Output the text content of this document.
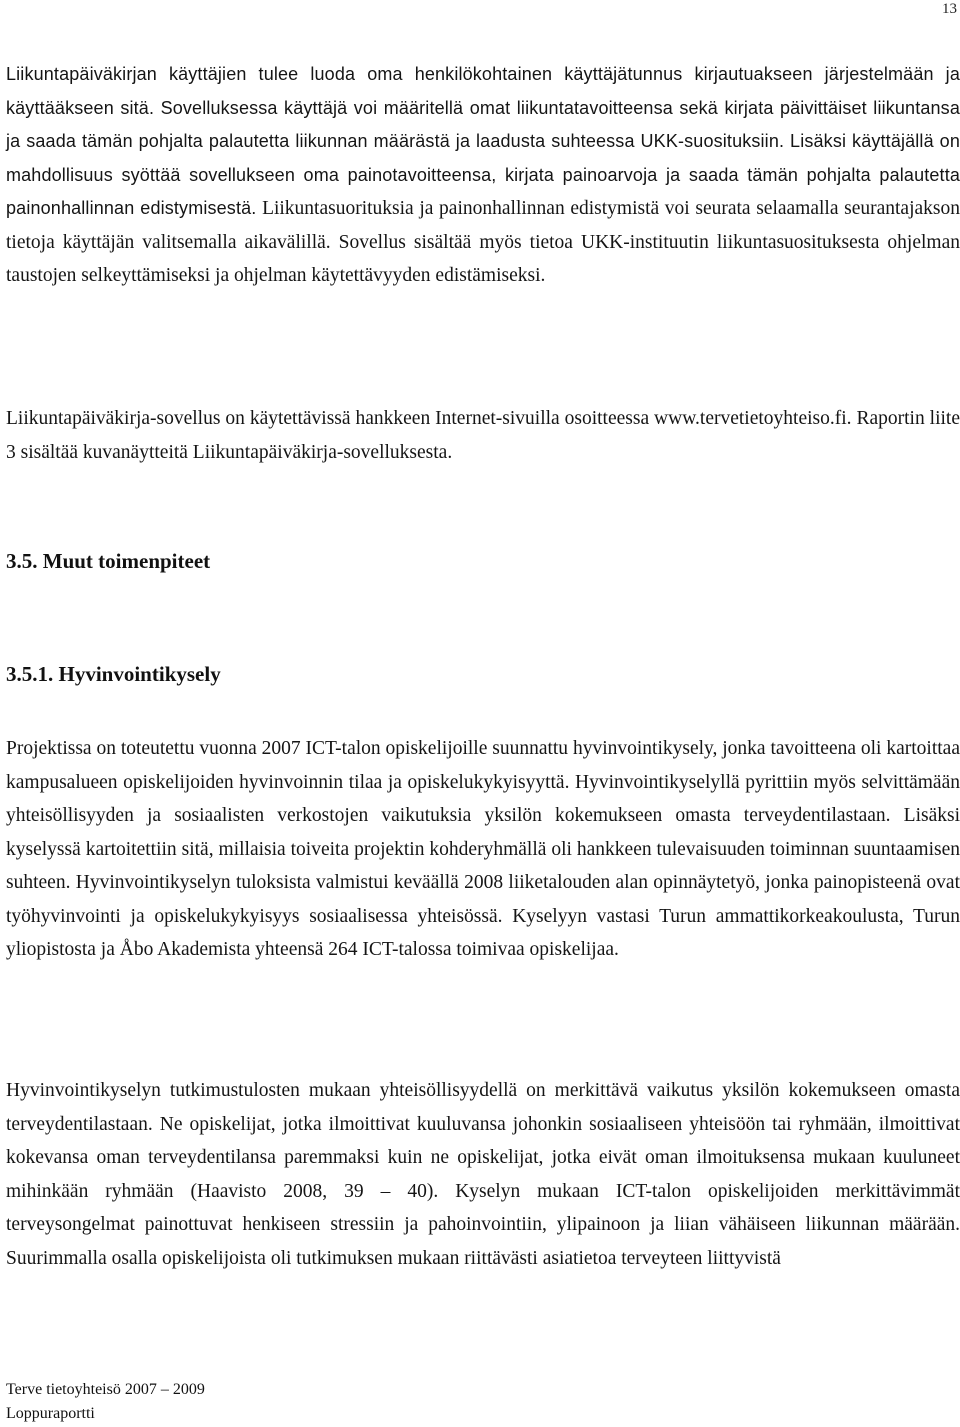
13

Liikuntapäiväkirjan käyttäjien tulee luoda oma henkilökohtainen käyttäjätunnus kirjautuakseen järjestelmään ja käyttääkseen sitä. Sovelluksessa käyttäjä voi määritellä omat liikuntatavoitteensa sekä kirjata päivittäiset liikuntansa ja saada tämän pohjalta palautetta liikunnan määrästä ja laadusta suhteessa UKK-suosituksiin. Lisäksi käyttäjällä on mahdollisuus syöttää sovellukseen oma painotavoitteensa, kirjata painoarvoja ja saada tämän pohjalta palautetta painonhallinnan edistymisestä. Liikuntasuorituksia ja painonhallinnan edistymistä voi seurata selaamalla seurantajakson tietoja käyttäjän valitsemalla aikavälillä. Sovellus sisältää myös tietoa UKK-instituutin liikuntasuosituksesta ohjelman taustojen selkeyttämiseksi ja ohjelman käytettävyyden edistämiseksi.

Liikuntapäiväkirja-sovellus on käytettävissä hankkeen Internet-sivuilla osoitteessa www.tervetietoyhteiso.fi. Raportin liite 3 sisältää kuvanäytteitä Liikuntapäiväkirja-sovelluksesta.

3.5. Muut toimenpiteet
3.5.1. Hyvinvointikysely

Projektissa on toteutettu vuonna 2007 ICT-talon opiskelijoille suunnattu hyvinvointikysely, jonka tavoitteena oli kartoittaa kampusalueen opiskelijoiden hyvinvoinnin tilaa ja opiskelukykyisyyttä. Hyvinvointikyselyllä pyrittiin myös selvittämään yhteisöllisyyden ja sosiaalisten verkostojen vaikutuksia yksilön kokemukseen omasta terveydentilastaan. Lisäksi kyselyssä kartoitettiin sitä, millaisia toiveita projektin kohderyhmällä oli hankkeen tulevaisuuden toiminnan suuntaamisen suhteen. Hyvinvointikyselyn tuloksista valmistui keväällä 2008 liiketalouden alan opinnäytetyö, jonka painopisteenä ovat työhyvinvointi ja opiskelukykyisyys sosiaalisessa yhteisössä. Kyselyyn vastasi Turun ammattikorkeakoulusta, Turun yliopistosta ja Åbo Akademista yhteensä 264 ICT-talossa toimivaa opiskelijaa.

Hyvinvointikyselyn tutkimustulosten mukaan yhteisöllisyydellä on merkittävä vaikutus yksilön kokemukseen omasta terveydentilastaan. Ne opiskelijat, jotka ilmoittivat kuuluvansa johonkin sosiaaliseen yhteisöön tai ryhmään, ilmoittivat kokevansa oman terveydentilansa paremmaksi kuin ne opiskelijat, jotka eivät oman ilmoituksensa mukaan kuuluneet mihinkään ryhmään (Haavisto 2008, 39 – 40). Kyselyn mukaan ICT-talon opiskelijoiden merkittävimmät terveysongelmat painottuvat henkiseen stressiin ja pahoinvointiin, ylipainoon ja liian vähäiseen liikunnan määrään. Suurimmalla osalla opiskelijoista oli tutkimuksen mukaan riittävästi asiatietoa terveyteen liittyvistä

Terve tietoyhteisö 2007 – 2009
Loppuraportti
